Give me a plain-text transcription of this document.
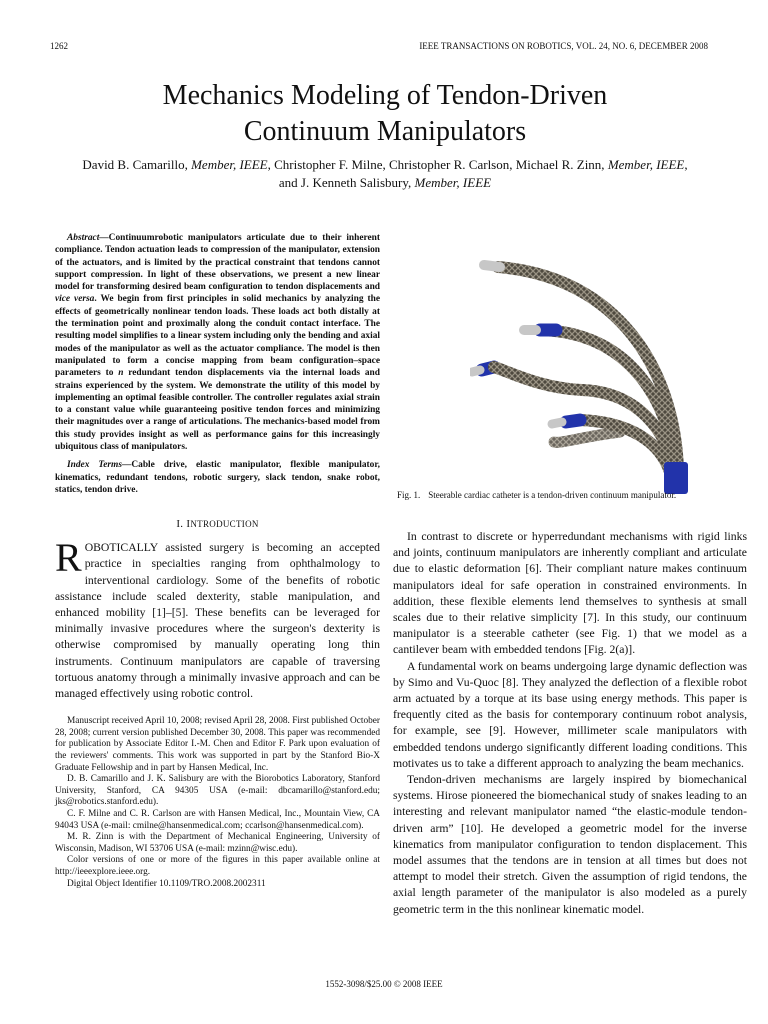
1262	IEEE TRANSACTIONS ON ROBOTICS, VOL. 24, NO. 6, DECEMBER 2008
Mechanics Modeling of Tendon-Driven
Continuum Manipulators
David B. Camarillo, Member, IEEE, Christopher F. Milne, Christopher R. Carlson, Michael R. Zinn, Member, IEEE,
and J. Kenneth Salisbury, Member, IEEE

Abstract—Continuumrobotic manipulators articulate due to their inherent compliance. Tendon actuation leads to compression of the manipulator, extension of the actuators, and is limited by the practical constraint that tendons cannot support compression. In light of these observations, we present a new linear model for transforming desired beam configuration to tendon displacements and vice versa. We begin from first principles in solid mechanics by analyzing the effects of geometrically nonlinear tendon loads. These loads act both distally at the termination point and proximally along the conduit contact interface. The resulting model simplifies to a linear system including only the bending and axial modes of the manipulator as well as the actuator compliance. The model is then manipulated to form a concise mapping from beam configuration–space parameters to n redundant tendon displacements via the internal loads and strains experienced by the system. We demonstrate the utility of this model by implementing an optimal feasible controller. The controller regulates axial strain to a constant value while guaranteeing positive tendon forces and minimizing their magnitudes over a range of articulations. The mechanics-based model from this study provides insight as well as performance gains for this increasingly ubiquitous class of manipulators.

Index Terms—Cable drive, elastic manipulator, flexible manipulator, kinematics, redundant tendons, robotic surgery, slack tendon, snake robot, statics, tendon drive.

I. INTRODUCTION

ROBOTICALLY assisted surgery is becoming an accepted practice in specialties ranging from ophthalmology to interventional cardiology. Some of the benefits of robotic assistance include scaled dexterity, stable manipulation, and enhanced mobility [1]–[5]. These benefits can be leveraged for minimally invasive procedures where the surgeon's dexterity is otherwise compromised by manually operating long thin instruments. Continuum manipulators are capable of traversing tortuous anatomy through a minimally invasive approach and can be managed effectively using robotic control.

Manuscript received April 10, 2008; revised April 28, 2008. First published October 28, 2008; current version published December 30, 2008. This paper was recommended for publication by Associate Editor I.-M. Chen and Editor F. Park upon evaluation of the reviewers' comments. This work was supported in part by the Stanford Bio-X Graduate Fellowship and in part by Hansen Medical, Inc.

D. B. Camarillo and J. K. Salisbury are with the Biorobotics Laboratory, Stanford University, Stanford, CA 94305 USA (e-mail: dbcamarillo@stanford.edu; jks@robotics.stanford.edu).

C. F. Milne and C. R. Carlson are with Hansen Medical, Inc., Mountain View, CA 94043 USA (e-mail: cmilne@hansenmedical.com; ccarlson@hansenmedical.com).

M. R. Zinn is with the Department of Mechanical Engineering, University of Wisconsin, Madison, WI 53706 USA (e-mail: mzinn@wisc.edu).

Color versions of one or more of the figures in this paper available online at http://ieeexplore.ieee.org.

Digital Object Identifier 10.1109/TRO.2008.2002311

Fig. 1. Steerable cardiac catheter is a tendon-driven continuum manipulator.

In contrast to discrete or hyperredundant mechanisms with rigid links and joints, continuum manipulators are inherently compliant and articulate due to elastic deformation [6]. Their compliant nature makes continuum manipulators ideal for safe operation in constrained environments. In addition, these flexible elements lend themselves to synthesis at small scales due to their relative simplicity [7]. In this study, our continuum manipulator is a steerable catheter (see Fig. 1) that we model as a cantilever beam with embedded tendons [Fig. 2(a)].

A fundamental work on beams undergoing large dynamic deflection was by Simo and Vu-Quoc [8]. They analyzed the deflection of a flexible robot arm actuated by a torque at its base using energy methods. This paper is frequently cited as the basis for contemporary continuum robot analysis, for example, see [9]. However, millimeter scale manipulators with embedded tendons undergo significantly different loading conditions. This motivates us to take a different approach to analyzing the beam mechanics.

Tendon-driven mechanisms are largely inspired by biomechanical systems. Hirose pioneered the biomechanical study of snakes leading to an interesting and relevant manipulator named “the elastic-module tendon-driven arm” [10]. He developed a geometric model for the inverse kinematics from manipulator configuration to tendon displacement. This model assumes that the tendons are in tension at all times but does not attempt to model their stretch. Given the assumption of rigid tendons, the axial length parameter of the manipulator is also modeled as a purely geometric term in the this nonlinear kinematic model.

1552-3098/$25.00 © 2008 IEEE
